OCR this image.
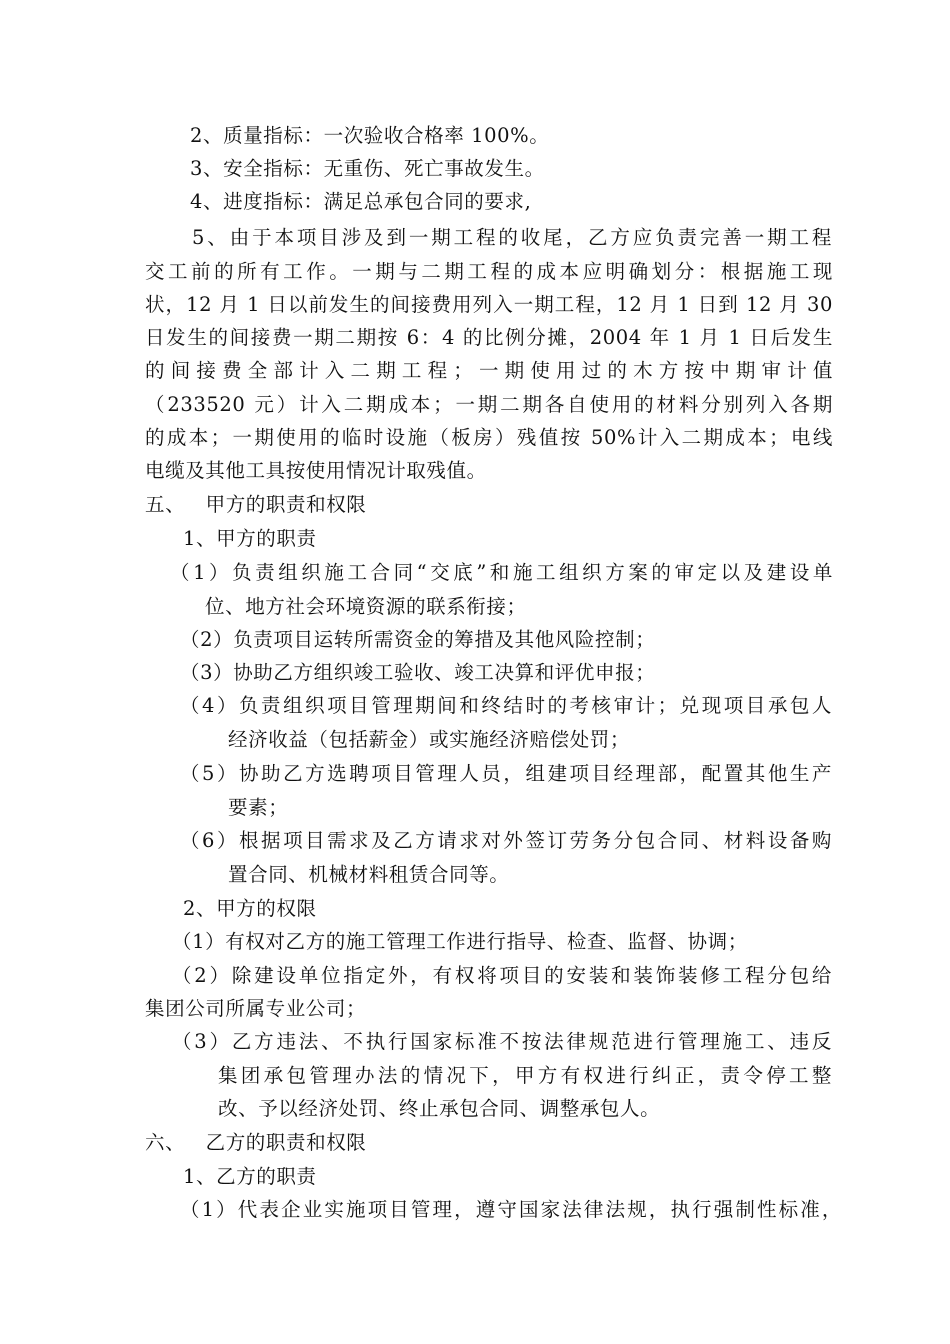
2、质量指标：一次验收合格率 100%。
3、安全指标：无重伤、死亡事故发生。
4、进度指标：满足总承包合同的要求,
5、由于本项目涉及到一期工程的收尾，乙方应负责完善一期工程
交工前的所有工作。一期与二期工程的成本应明确划分：根据施工现
状，12 月 1 日以前发生的间接费用列入一期工程，12 月 1 日到 12 月 30
日发生的间接费一期二期按 6：4 的比例分摊，2004 年 1 月 1 日后发生
的间接费全部计入二期工程；一期使用过的木方按中期审计值
（233520 元）计入二期成本；一期二期各自使用的材料分别列入各期
的成本；一期使用的临时设施（板房）残值按 50%计入二期成本；电线
电缆及其他工具按使用情况计取残值。
五、   甲方的职责和权限
1、甲方的职责
（1）负责组织施工合同“交底”和施工组织方案的审定以及建设单
位、地方社会环境资源的联系衔接；
（2）负责项目运转所需资金的筹措及其他风险控制；
（3）协助乙方组织竣工验收、竣工决算和评优申报；
（4）负责组织项目管理期间和终结时的考核审计；兑现项目承包人
经济收益（包括薪金）或实施经济赔偿处罚；
（5）协助乙方选聘项目管理人员，组建项目经理部，配置其他生产
要素；
（6）根据项目需求及乙方请求对外签订劳务分包合同、材料设备购
置合同、机械材料租赁合同等。
2、甲方的权限
（1）有权对乙方的施工管理工作进行指导、检查、监督、协调；
（2）除建设单位指定外，有权将项目的安装和装饰装修工程分包给
集团公司所属专业公司；
（3）乙方违法、不执行国家标准不按法律规范进行管理施工、违反
集团承包管理办法的情况下，甲方有权进行纠正，责令停工整
改、予以经济处罚、终止承包合同、调整承包人。
六、   乙方的职责和权限
1、乙方的职责
（1）代表企业实施项目管理，遵守国家法律法规，执行强制性标准，
